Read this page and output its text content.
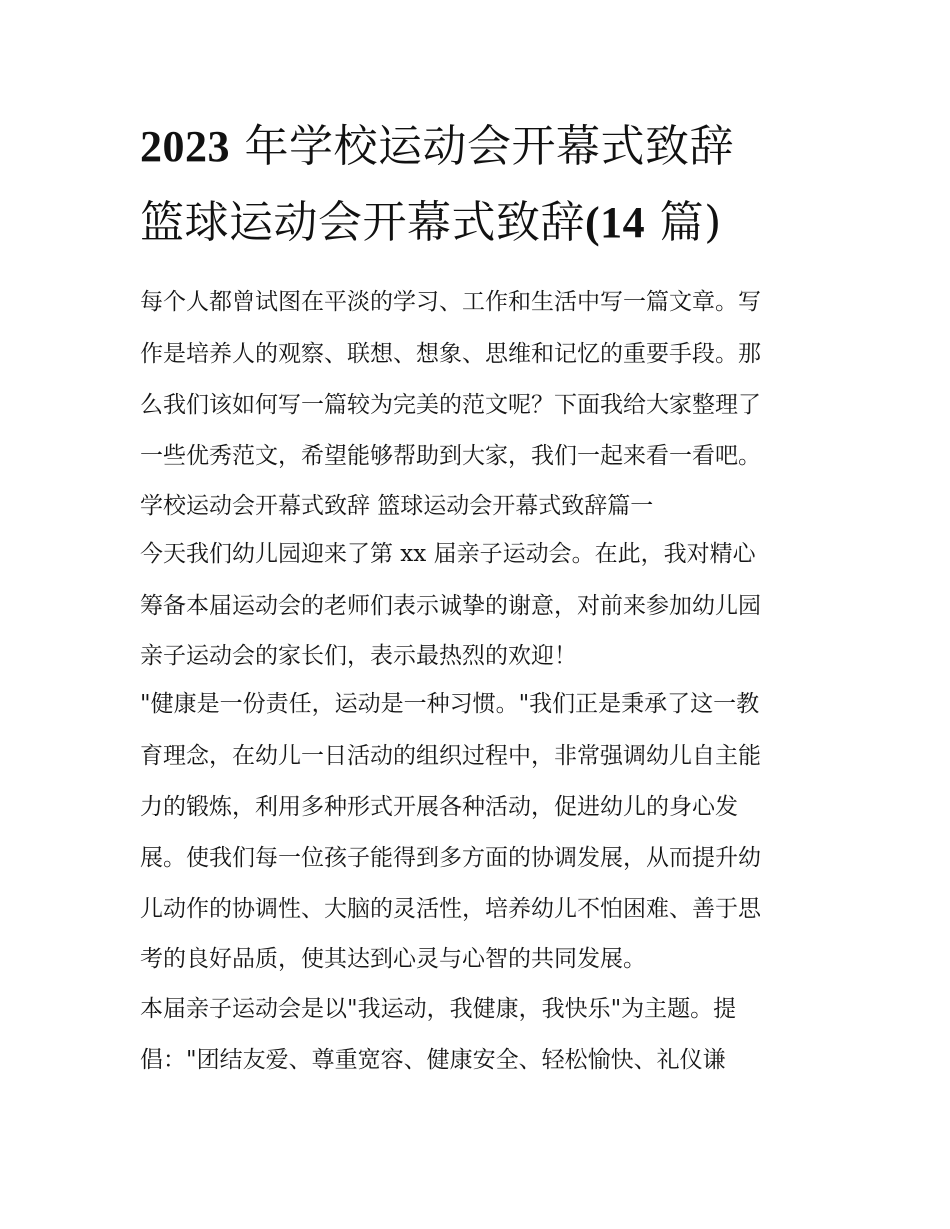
2023 年学校运动会开幕式致辞
篮球运动会开幕式致辞(14 篇)

每个人都曾试图在平淡的学习、工作和生活中写一篇文章。写

作是培养人的观察、联想、想象、思维和记忆的重要手段。那

么我们该如何写一篇较为完美的范文呢？下面我给大家整理了

一些优秀范文，希望能够帮助到大家，我们一起来看一看吧。

学校运动会开幕式致辞 篮球运动会开幕式致辞篇一

今天我们幼儿园迎来了第 xx 届亲子运动会。在此，我对精心

筹备本届运动会的老师们表示诚挚的谢意，对前来参加幼儿园

亲子运动会的家长们，表示最热烈的欢迎！

"健康是一份责任，运动是一种习惯。"我们正是秉承了这一教

育理念，在幼儿一日活动的组织过程中，非常强调幼儿自主能

力的锻炼，利用多种形式开展各种活动，促进幼儿的身心发

展。使我们每一位孩子能得到多方面的协调发展，从而提升幼

儿动作的协调性、大脑的灵活性，培养幼儿不怕困难、善于思

考的良好品质，使其达到心灵与心智的共同发展。

本届亲子运动会是以"我运动，我健康，我快乐"为主题。提

倡："团结友爱、尊重宽容、健康安全、轻松愉快、礼仪谦
